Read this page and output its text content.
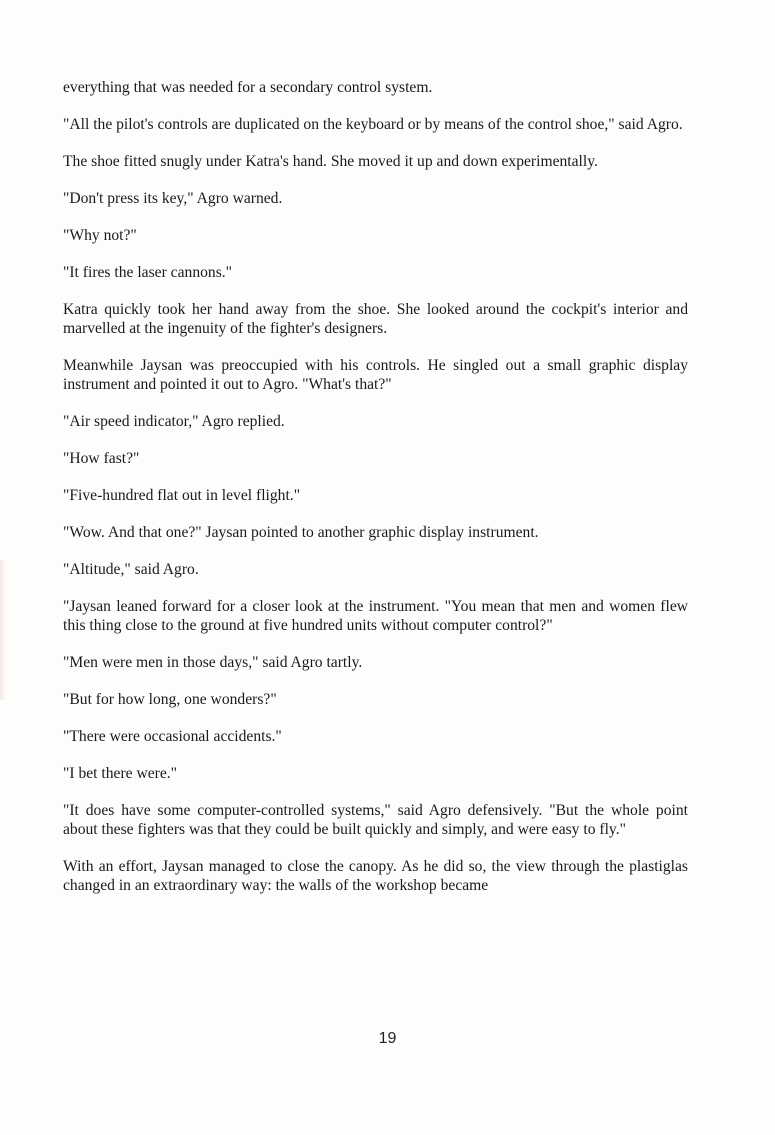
everything that was needed for a secondary control system.

"All the pilot's controls are duplicated on the keyboard or by means of the control shoe," said Agro.

The shoe fitted snugly under Katra's hand. She moved it up and down experimentally.

"Don't press its key," Agro warned.

"Why not?"

"It fires the laser cannons."

Katra quickly took her hand away from the shoe. She looked around the cockpit's interior and marvelled at the ingenuity of the fighter's designers.

Meanwhile Jaysan was preoccupied with his controls. He singled out a small graphic display instrument and pointed it out to Agro. "What's that?"

"Air speed indicator," Agro replied.

"How fast?"

"Five-hundred flat out in level flight."

"Wow. And that one?" Jaysan pointed to another graphic display instrument.

"Altitude," said Agro.

"Jaysan leaned forward for a closer look at the instrument. "You mean that men and women flew this thing close to the ground at five hundred units without computer control?"

"Men were men in those days," said Agro tartly.

"But for how long, one wonders?"

"There were occasional accidents."

"I bet there were."

"It does have some computer-controlled systems," said Agro defensively. "But the whole point about these fighters was that they could be built quickly and simply, and were easy to fly."

With an effort, Jaysan managed to close the canopy. As he did so, the view through the plastiglas changed in an extraordinary way: the walls of the workshop became

19
